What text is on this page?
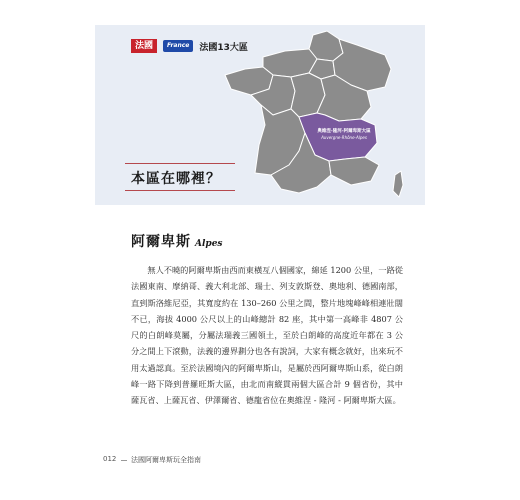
奧維涅-隆河-阿爾卑斯大區
Auvergne-Rhône-Alpes
法國	France	法國13大區
本區在哪裡？
阿爾卑斯 Alpes

無人不曉的阿爾卑斯由西而東橫亙八個國家，綿延 1200 公里，一路從法國東南、摩納哥、義大利北部、瑞士、列支敦斯登、奧地利、德國南部，直到斯洛維尼亞，其寬度約在 130–260 公里之間，整片地塊峰峰相連壯闊不已，海拔 4000 公尺以上的山峰總計 82 座，其中第一高峰非 4807 公尺的白朗峰莫屬，分屬法瑞義三國領土，至於白朗峰的高度近年都在 3 公分之間上下滾動，法義的邊界劃分也各有說詞，大家有概念就好，出來玩不用太過認真。至於法國境內的阿爾卑斯山，是屬於西阿爾卑斯山系，從白朗峰一路下降到普羅旺斯大區，由北而南縱貫兩個大區合計 9 個省份，其中薩瓦省、上薩瓦省、伊澤爾省、德龍省位在奧維涅 - 隆河 - 阿爾卑斯大區。

012 法國阿爾卑斯玩全指南
